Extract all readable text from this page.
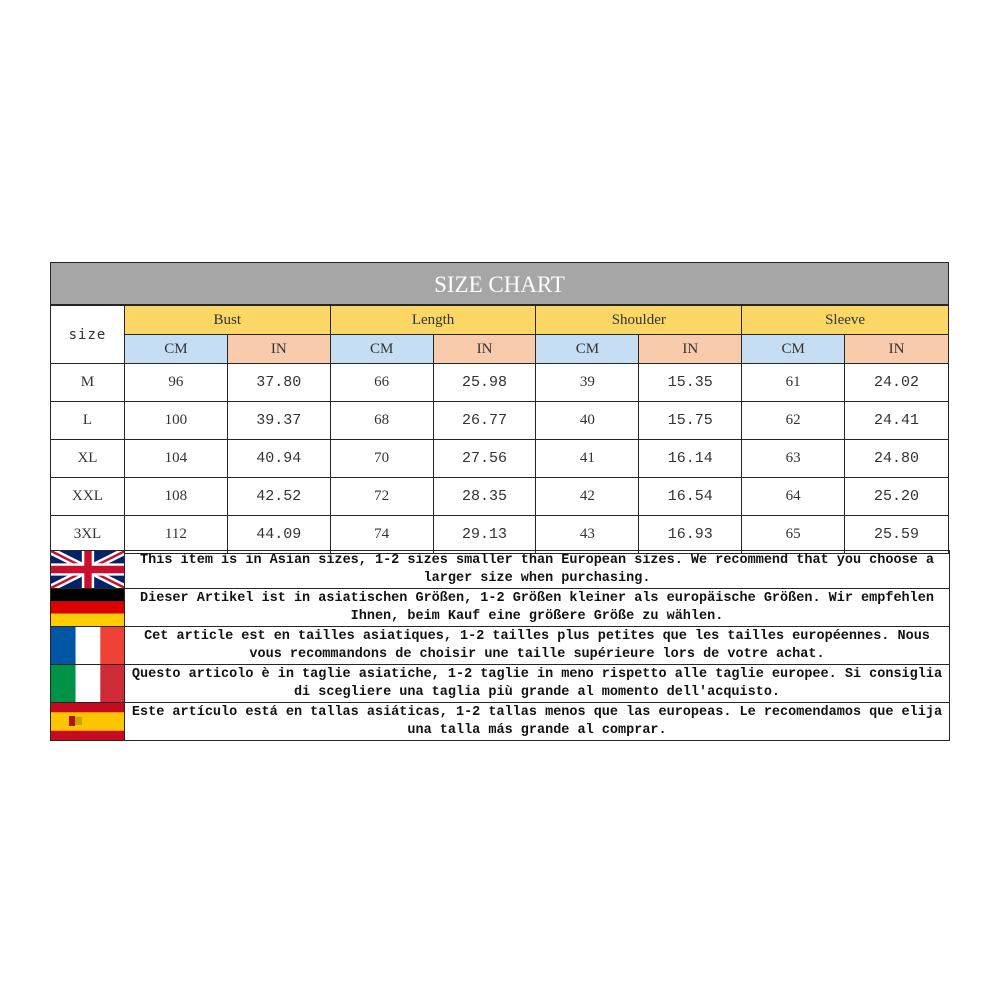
SIZE CHART
size	Bust		Length		Shoulder		Sleeve	
	CM	IN	CM	IN	CM	IN	CM	IN
M	96	37.80	66	25.98	39	15.35	61	24.02
L	100	39.37	68	26.77	40	15.75	62	24.41
XL	104	40.94	70	27.56	41	16.14	63	24.80
XXL	108	42.52	72	28.35	42	16.54	64	25.20
3XL	112	44.09	74	29.13	43	16.93	65	25.59
	This item is in Asian sizes, 1-2 sizes smaller than European sizes. We recommend that you choose a larger size when purchasing.

	Dieser Artikel ist in asiatischen Größen, 1-2 Größen kleiner als europäische Größen. Wir empfehlen Ihnen, beim Kauf eine größere Größe zu wählen.

	Cet article est en tailles asiatiques, 1-2 tailles plus petites que les tailles européennes. Nous vous recommandons de choisir une taille supérieure lors de votre achat.

	Questo articolo è in taglie asiatiche, 1-2 taglie in meno rispetto alle taglie europee. Si consiglia di scegliere una taglia più grande al momento dell'acquisto.

	Este artículo está en tallas asiáticas, 1-2 tallas menos que las europeas. Le recomendamos que elija una talla más grande al comprar.
